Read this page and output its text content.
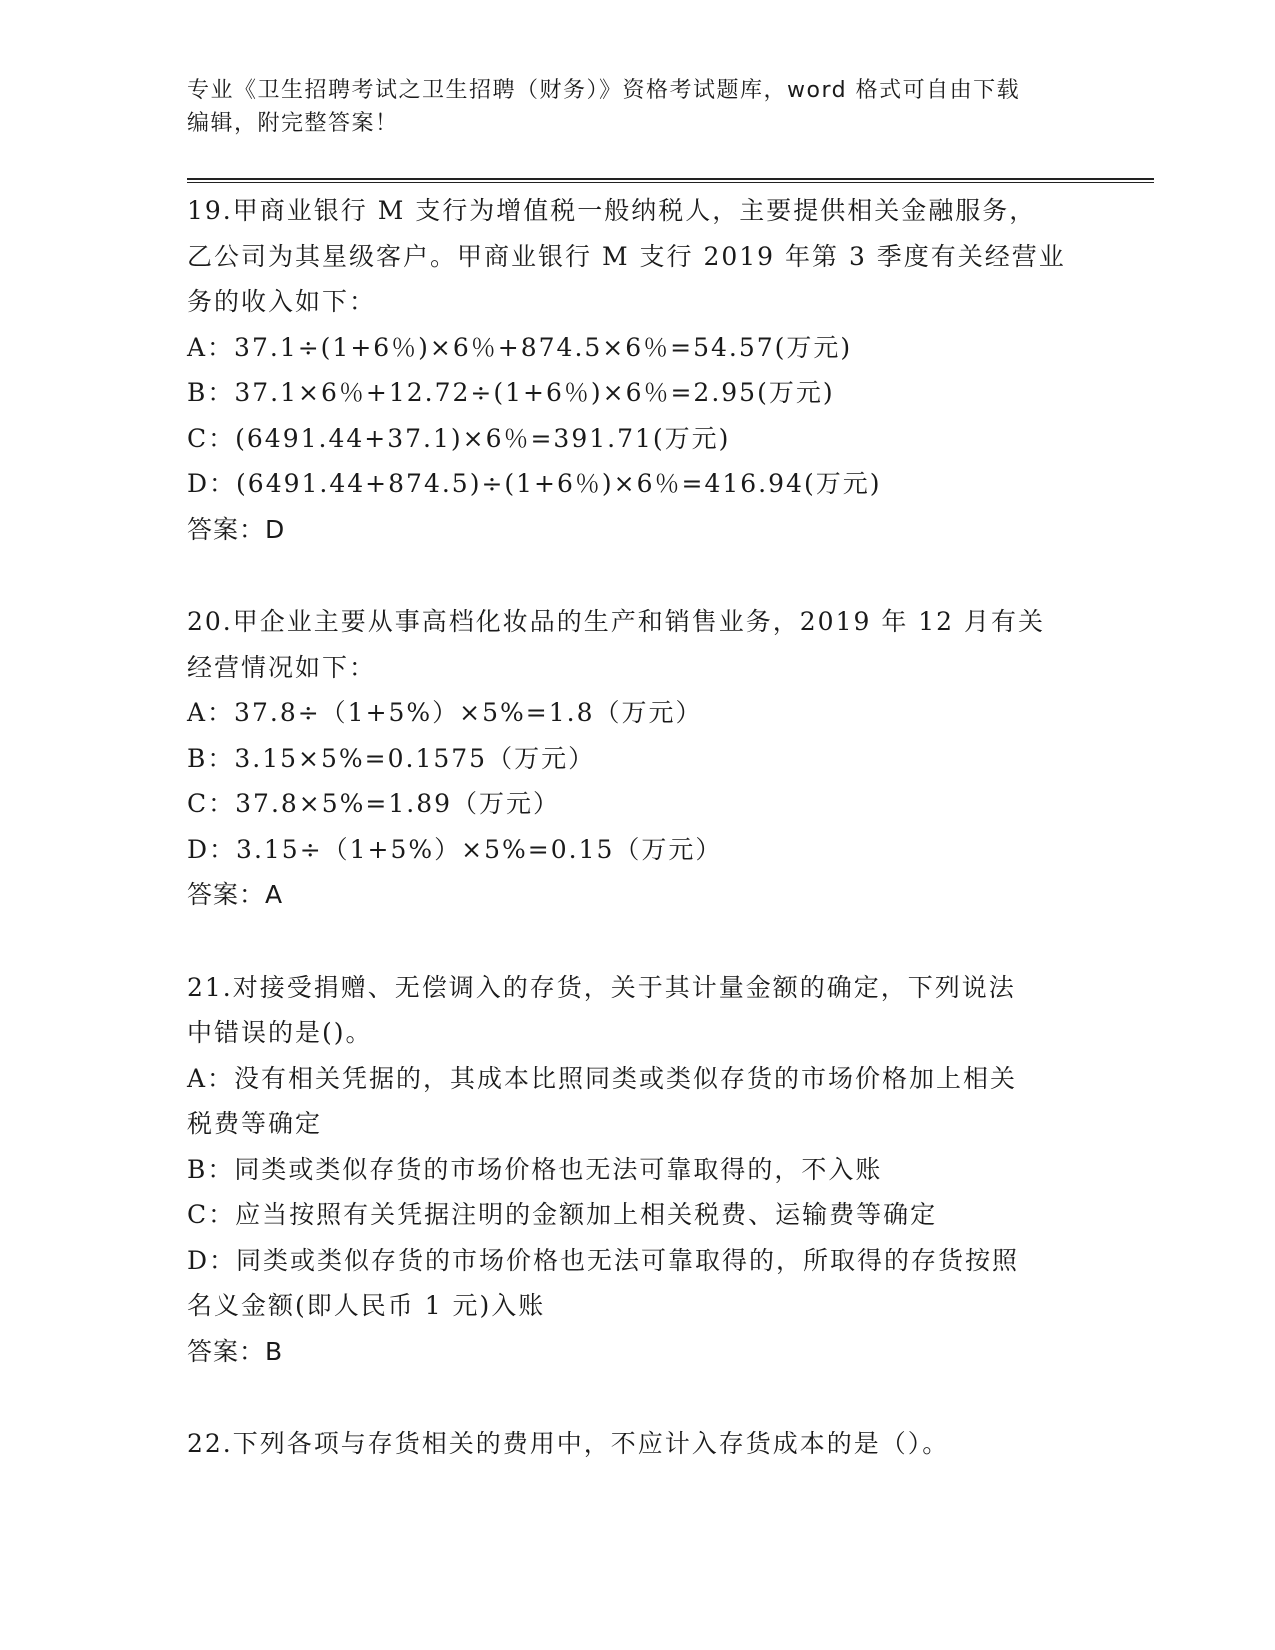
专业《卫生招聘考试之卫生招聘（财务）》资格考试题库，word 格式可自由下载
编辑，附完整答案！
19.甲商业银行 M 支行为增值税一般纳税人，主要提供相关金融服务，
乙公司为其星级客户。甲商业银行 M 支行 2019 年第 3 季度有关经营业
务的收入如下：
A：37.1÷(1+6％)×6％+874.5×6％=54.57(万元)
B：37.1×6％+12.72÷(1+6％)×6％=2.95(万元)
C：(6491.44+37.1)×6％=391.71(万元)
D：(6491.44+874.5)÷(1+6％)×6％=416.94(万元)
答案：D
20.甲企业主要从事高档化妆品的生产和销售业务，2019 年 12 月有关
经营情况如下：
A：37.8÷（1+5%）×5%=1.8（万元）
B：3.15×5%=0.1575（万元）
C：37.8×5%=1.89（万元）
D：3.15÷（1+5%）×5%=0.15（万元）
答案：A
21.对接受捐赠、无偿调入的存货，关于其计量金额的确定，下列说法
中错误的是()。
A：没有相关凭据的，其成本比照同类或类似存货的市场价格加上相关
税费等确定
B：同类或类似存货的市场价格也无法可靠取得的，不入账
C：应当按照有关凭据注明的金额加上相关税费、运输费等确定
D：同类或类似存货的市场价格也无法可靠取得的，所取得的存货按照
名义金额(即人民币 1 元)入账
答案：B
22.下列各项与存货相关的费用中，不应计入存货成本的是（）。
